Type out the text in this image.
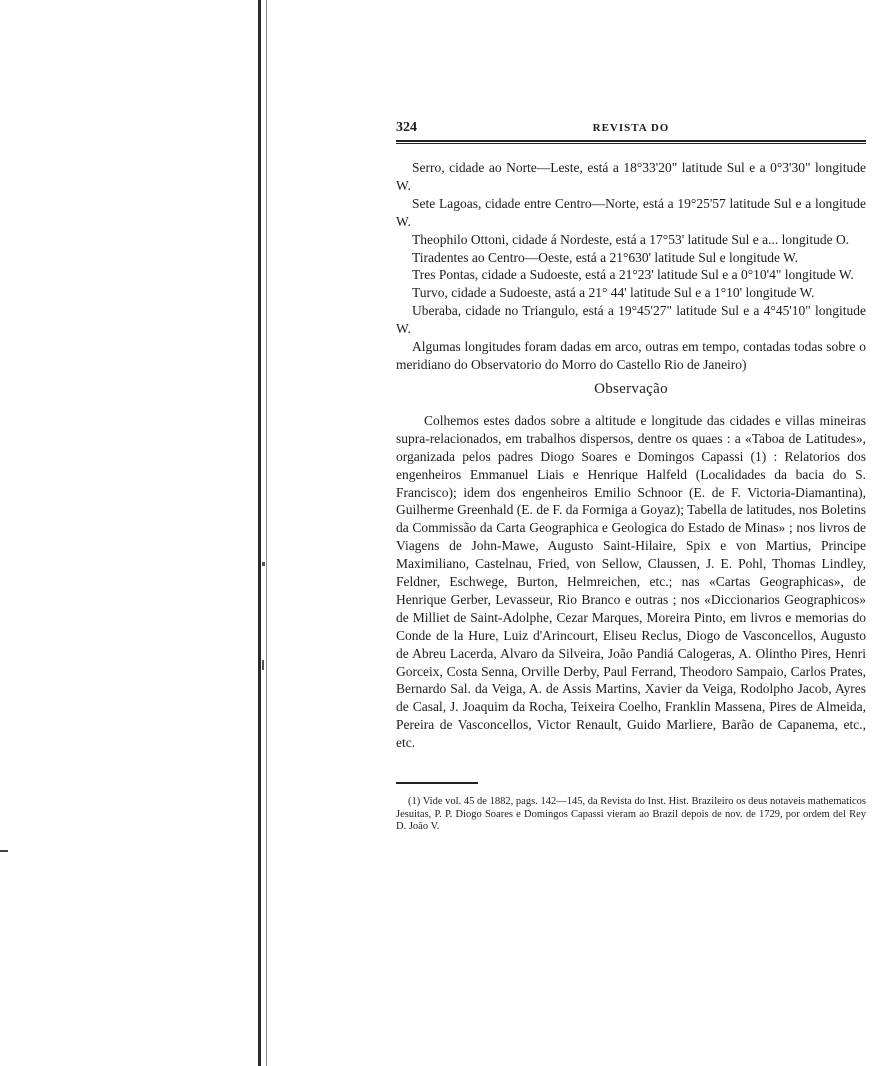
324	REVISTA DO

Serro, cidade ao Norte—Leste, está a 18°33'20" latitude Sul e a 0°3'30" longitude W.

Sete Lagoas, cidade entre Centro—Norte, está a 19°25'57 latitude Sul e a longitude W.

Theophilo Ottoni, cidade á Nordeste, está a 17°53' latitude Sul e a... longitude O.

Tiradentes ao Centro—Oeste, está a 21°630' latitude Sul e longitude W.

Tres Pontas, cidade a Sudoeste, está a 21°23' latitude Sul e a 0°10'4" longitude W.

Turvo, cidade a Sudoeste, astá a 21° 44' latitude Sul e a 1°10' longitude W.

Uberaba, cidade no Triangulo, está a 19°45'27" latitude Sul e a 4°45'10" longitude W.

Algumas longitudes foram dadas em arco, outras em tempo, contadas todas sobre o meridiano do Observatorio do Morro do Castello Rio de Janeiro)

Observação

Colhemos estes dados sobre a altitude e longitude das cidades e villas mineiras supra-relacionados, em trabalhos dispersos, dentre os quaes : a «Taboa de Latitudes», organizada pelos padres Diogo Soares e Domingos Capassi (1) : Relatorios dos engenheiros Emmanuel Liais e Henrique Halfeld (Localidades da bacia do S. Francisco); idem dos engenheiros Emilio Schnoor (E. de F. Victoria-Diamantina), Guilherme Greenhald (E. de F. da Formiga a Goyaz); Tabella de latitudes, nos Boletins da Commissão da Carta Geographica e Geologica do Estado de Minas» ; nos livros de Viagens de John-Mawe, Augusto Saint-Hilaire, Spix e von Martius, Principe Maximiliano, Castelnau, Fried, von Sellow, Claussen, J. E. Pohl, Thomas Lindley, Feldner, Eschwege, Burton, Helmreichen, etc.; nas «Cartas Geographicas», de Henrique Gerber, Levasseur, Rio Branco e outras ; nos «Diccionarios Geographicos» de Milliet de Saint-Adolphe, Cezar Marques, Moreira Pinto, em livros e memorias do Conde de la Hure, Luiz d'Arincourt, Eliseu Reclus, Diogo de Vasconcellos, Augusto de Abreu Lacerda, Alvaro da Silveira, João Pandiá Calogeras, A. Olintho Pires, Henri Gorceix, Costa Senna, Orville Derby, Paul Ferrand, Theodoro Sampaio, Carlos Prates, Bernardo Sal. da Veiga, A. de Assis Martins, Xavier da Veiga, Rodolpho Jacob, Ayres de Casal, J. Joaquim da Rocha, Teixeira Coelho, Franklin Massena, Pires de Almeida, Pereira de Vasconcellos, Victor Renault, Guido Marliere, Barão de Capanema, etc., etc.

(1) Vide vol. 45 de 1882, pags. 142—145, da Revista do Inst. Hist. Brazileiro os deus notaveis mathematicos Jesuitas, P. P. Diogo Soares e Domingos Capassi vieram ao Brazil depois de nov. de 1729, por ordem del Rey D. João V.
